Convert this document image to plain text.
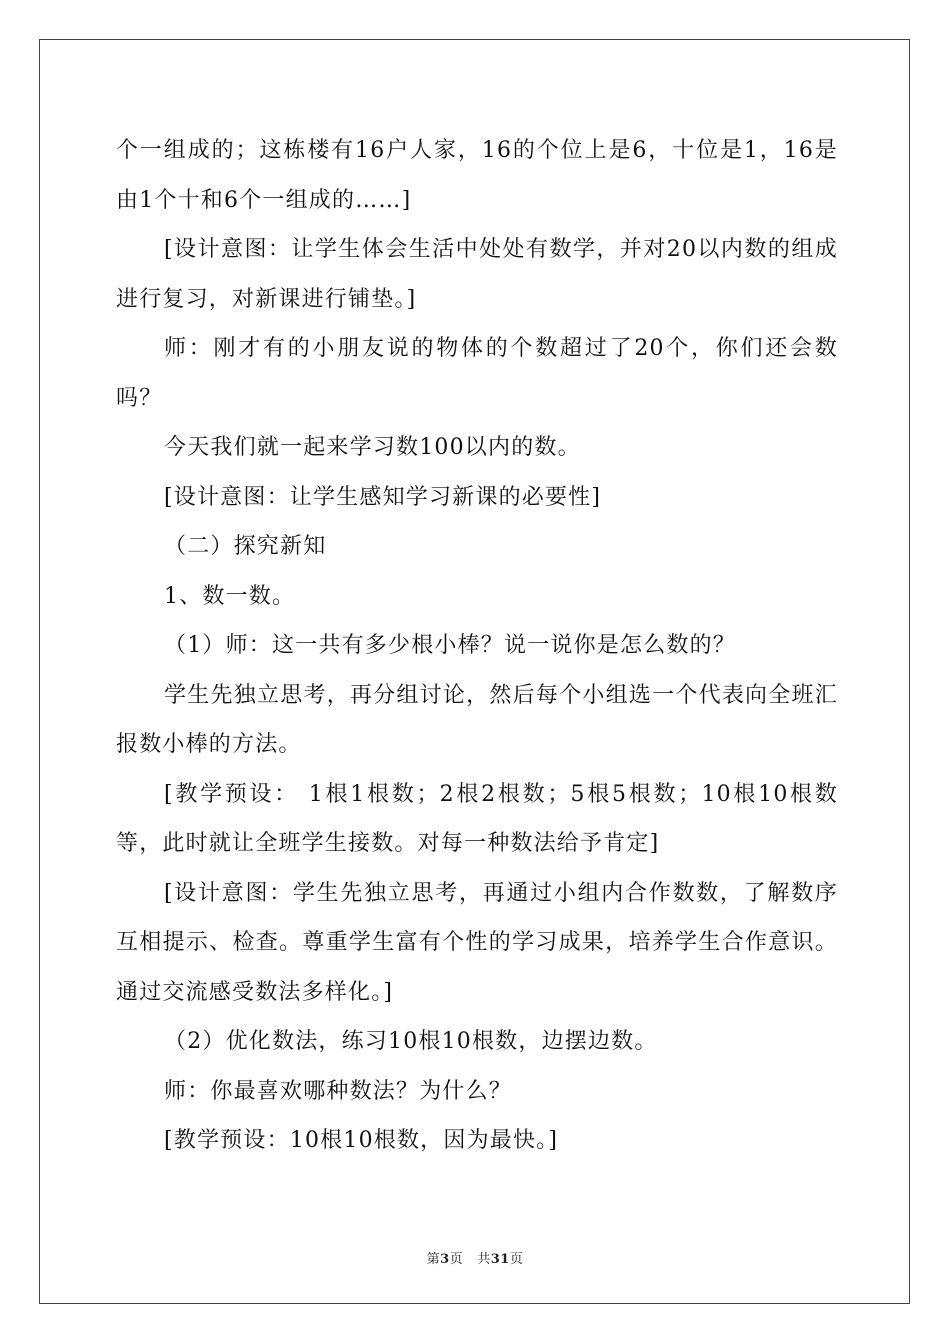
个一组成的；这栋楼有16户人家，16的个位上是6，十位是1，16是由1个十和6个一组成的……]

[设计意图：让学生体会生活中处处有数学，并对20以内数的组成进行复习，对新课进行铺垫。]

师：刚才有的小朋友说的物体的个数超过了20个，你们还会数吗？

今天我们就一起来学习数100以内的数。

[设计意图：让学生感知学习新课的必要性]

（二）探究新知

1、数一数。

（1）师：这一共有多少根小棒？说一说你是怎么数的？

学生先独立思考，再分组讨论，然后每个小组选一个代表向全班汇报数小棒的方法。

[教学预设： 1根1根数；2根2根数；5根5根数；10根10根数等，此时就让全班学生接数。对每一种数法给予肯定]

[设计意图：学生先独立思考，再通过小组内合作数数，了解数序互相提示、检查。尊重学生富有个性的学习成果，培养学生合作意识。通过交流感受数法多样化。]

（2）优化数法，练习10根10根数，边摆边数。

师：你最喜欢哪种数法？为什么？

[教学预设：10根10根数，因为最快。]

第3页 共31页
